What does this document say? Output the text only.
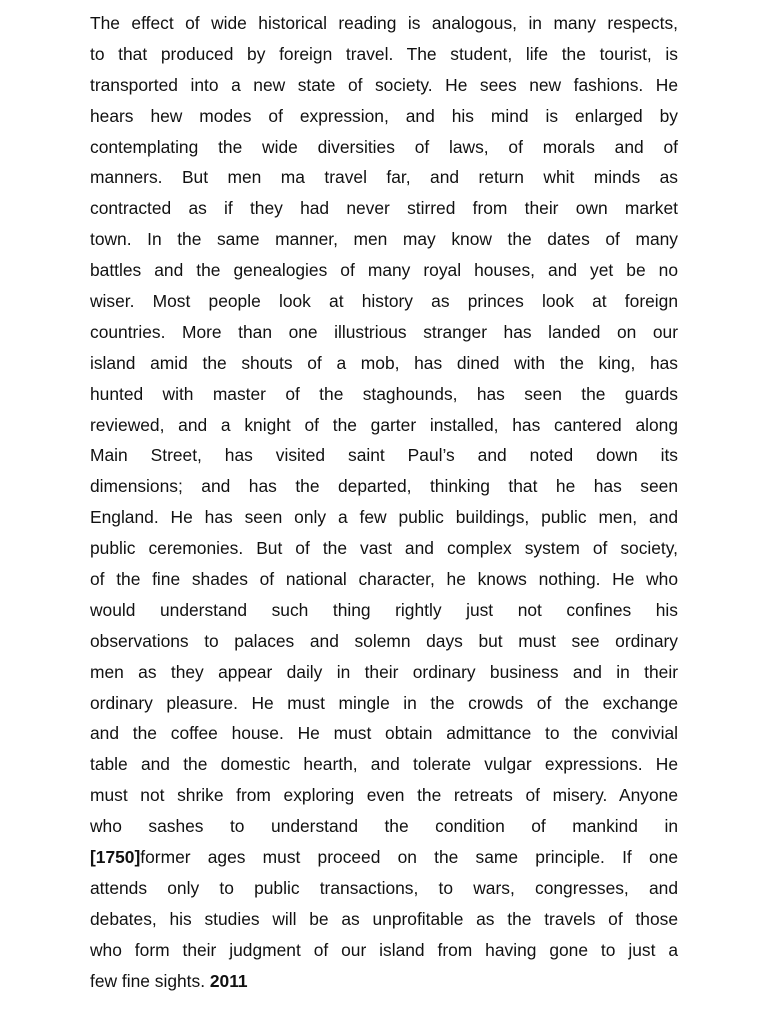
The effect of wide historical reading is analogous, in many respects,
to that produced by foreign travel. The student, life the tourist, is
transported into a new state of society. He sees new fashions. He
hears hew modes of expression, and his mind is enlarged by
contemplating the wide diversities of laws, of morals and of
manners. But men ma travel far, and return whit minds as
contracted as if they had never stirred from their own market
town. In the same manner, men may know the dates of many
battles and the genealogies of many royal houses, and yet be no
wiser. Most people look at history as princes look at foreign
countries. More than one illustrious stranger has landed on our
island amid the shouts of a mob, has dined with the king, has
hunted with master of the staghounds, has seen the guards
reviewed, and a knight of the garter installed, has cantered along
Main Street, has visited saint Paul’s and noted down its
dimensions; and has the departed, thinking that he has seen
England. He has seen only a few public buildings, public men, and
public ceremonies. But of the vast and complex system of society,
of the fine shades of national character, he knows nothing. He who
would understand such thing rightly just not confines his
observations to palaces and solemn days but must see ordinary
men as they appear daily in their ordinary business and in their
ordinary pleasure. He must mingle in the crowds of the exchange
and the coffee house. He must obtain admittance to the convivial
table and the domestic hearth, and tolerate vulgar expressions. He
must not shrike from exploring even the retreats of misery. Anyone
who sashes to understand the condition of mankind in
[1750]former ages must proceed on the same principle. If one
attends only to public transactions, to wars, congresses, and
debates, his studies will be as unprofitable as the travels of those
who form their judgment of our island from having gone to just a
few fine sights. 2011
